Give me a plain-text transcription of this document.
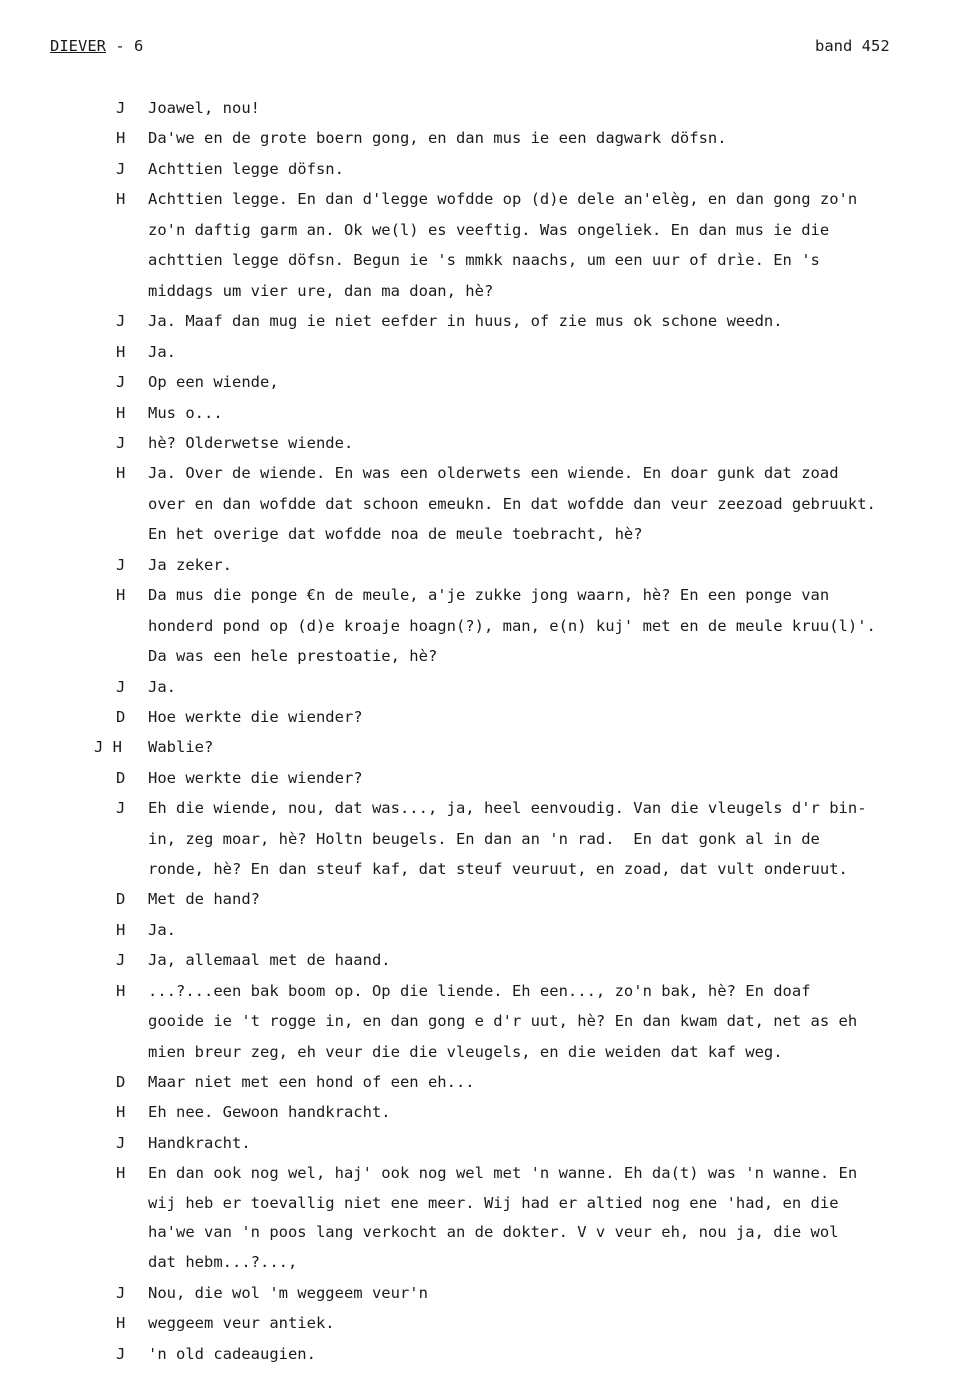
DIEVER - 6	band 452
J Joawel, nou!
H Da'we en de grote boern gong, en dan mus ie een dagwark döfsn.
J Achttien legge döfsn.
H Achttien legge. En dan d'legge wofdde op (d)e dele an'elèg, en dan gong zo'n
zo'n daftig garm an. Ok we(l) es veeftig. Was ongeliek. En dan mus ie die
achttien legge döfsn. Begun ie 's mmkk naachs, um een uur of drìe. En 's
middags um vier ure, dan ma doan, hè?
J Ja. Maaf dan mug ie niet eefder in huus, of zie mus ok schone weedn.
H Ja.
J Op een wiende,
H Mus o...
J hè? Olderwetse wiende.
H Ja. Over de wiende. En was een olderwets een wiende. En doar gunk dat zoad
over en dan wofdde dat schoon emeukn. En dat wofdde dan veur zeezoad gebruukt.
En het overige dat wofdde noa de meule toebracht, hè?
J Ja zeker.
H Da mus die ponge €n de meule, a'je zukke jong waarn, hè? En een ponge van
honderd pond op (d)e kroaje hoagn(?), man, e(n) kuj' met en de meule kruu(l)'.
Da was een hele prestoatie, hè?
J Ja.
D Hoe werkte die wiender?
J H Wablie?
D Hoe werkte die wiender?
J Eh die wiende, nou, dat was..., ja, heel eenvoudig. Van die vleugels d'r bin-
in, zeg moar, hè? Holtn beugels. En dan an 'n rad.  En dat gonk al in de
ronde, hè? En dan steuf kaf, dat steuf veuruut, en zoad, dat vult onderuut.
D Met de hand?
H Ja.
J Ja, allemaal met de haand.
H ...?...een bak boom op. Op die liende. Eh een..., zo'n bak, hè? En doaf
gooide ie 't rogge in, en dan gong e d'r uut, hè? En dan kwam dat, net as eh
mien breur zeg, eh veur die die vleugels, en die weiden dat kaf weg.
D Maar niet met een hond of een eh...
H Eh nee. Gewoon handkracht.
J Handkracht.
H En dan ook nog wel, haj' ook nog wel met 'n wanne. Eh da(t) was 'n wanne. En
wij heb er toevallig niet ene meer. Wij had er altied nog ene 'had, en die
ha'we van 'n poos lang verkocht an de dokter. V v veur eh, nou ja, die wol
dat hebm...?...,
J Nou, die wol 'm weggeem veur'n
H weggeem veur antiek.
J 'n old cadeaugien.
